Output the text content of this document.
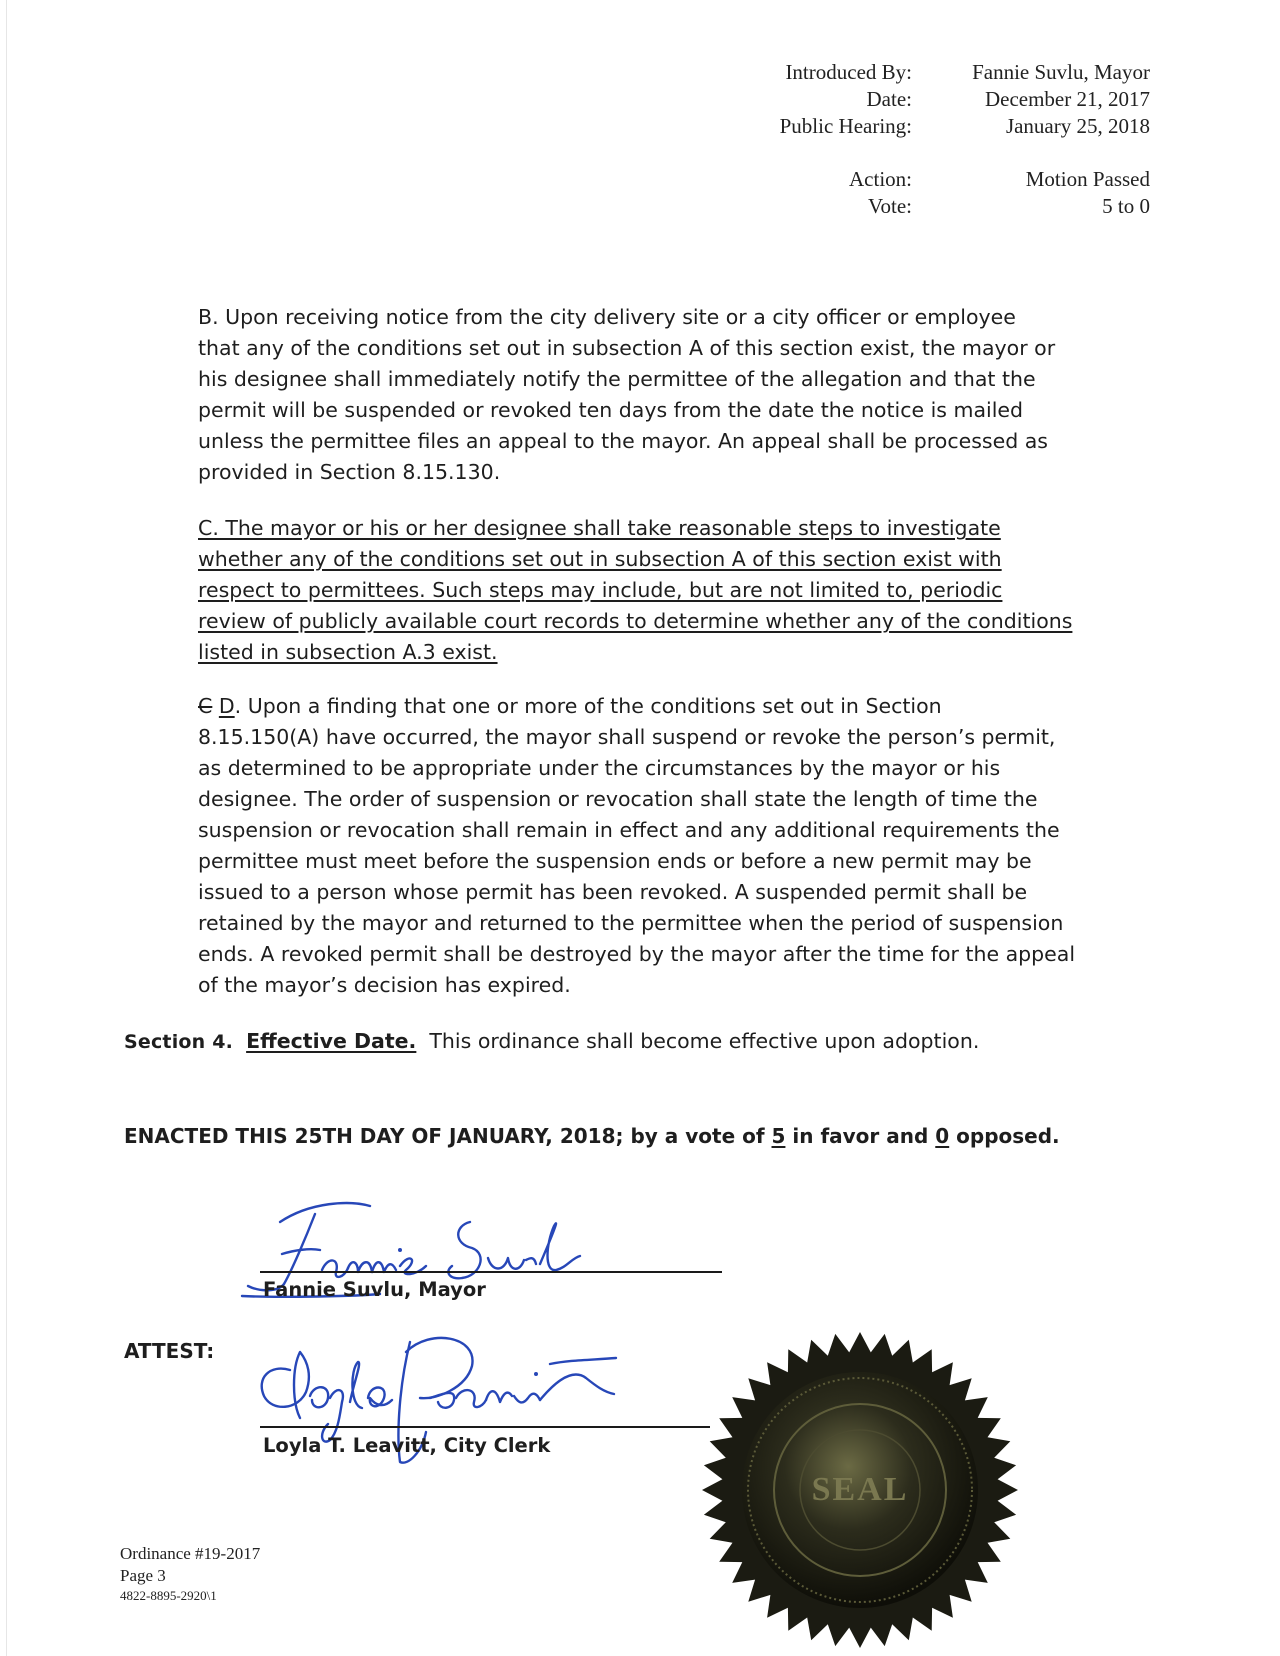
Introduced By:
Date:
Public Hearing:
Fannie Suvlu, Mayor
December 21, 2017
January 25, 2018
Action:
Vote:
Motion Passed
5 to 0

B. Upon receiving notice from the city delivery site or a city officer or employee

that any of the conditions set out in subsection A of this section exist, the mayor or

his designee shall immediately notify the permittee of the allegation and that the

permit will be suspended or revoked ten days from the date the notice is mailed

unless the permittee files an appeal to the mayor. An appeal shall be processed as

provided in Section 8.15.130.

C. The mayor or his or her designee shall take reasonable steps to investigate

whether any of the conditions set out in subsection A of this section exist with

respect to permittees. Such steps may include, but are not limited to, periodic

review of publicly available court records to determine whether any of the conditions

listed in subsection A.3 exist.

C D. Upon a finding that one or more of the conditions set out in Section

8.15.150(A) have occurred, the mayor shall suspend or revoke the person’s permit,

as determined to be appropriate under the circumstances by the mayor or his

designee. The order of suspension or revocation shall state the length of time the

suspension or revocation shall remain in effect and any additional requirements the

permittee must meet before the suspension ends or before a new permit may be

issued to a person whose permit has been revoked. A suspended permit shall be

retained by the mayor and returned to the permittee when the period of suspension

ends. A revoked permit shall be destroyed by the mayor after the time for the appeal

of the mayor’s decision has expired.

Section 4. Effective Date. This ordinance shall become effective upon adoption.
ENACTED THIS 25TH DAY OF JANUARY, 2018; by a vote of 5 in favor and 0 opposed.
Fannie Suvlu, Mayor
ATTEST:
Loyla T. Leavitt, City Clerk
SEAL
Ordinance #19-2017
Page 3
4822-8895-2920\1
